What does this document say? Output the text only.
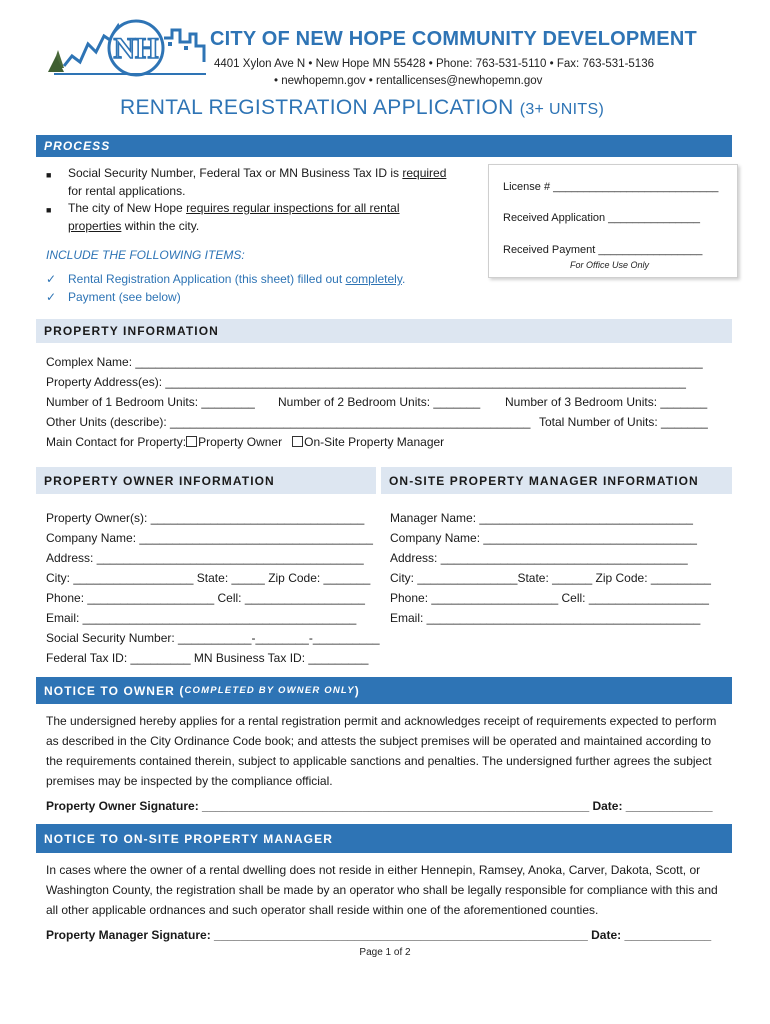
NH	CITY OF NEW HOPE COMMUNITY DEVELOPMENT
4401 Xylon Ave N • New Hope MN 55428 • Phone: 763-531-5110 • Fax: 763-531-5136
• newhopemn.gov • rentallicenses@newhopemn.gov
RENTAL REGISTRATION APPLICATION (3+ UNITS)
PROCESS
■	Social Security Number, Federal Tax or MN Business Tax ID is required
for rental applications.
■	The city of New Hope requires regular inspections for all rental
properties within the city.
INCLUDE THE FOLLOWING ITEMS:
✓ Rental Registration Application (this sheet) filled out completely.
✓ Payment (see below)
License # ___________________________
Received Application _______________
Received Payment _________________
For Office Use Only
PROPERTY INFORMATION
Complex Name: _____________________________________________________________________________________
Property Address(es): ______________________________________________________________________________
Number of 1 Bedroom Units: ________ Number of 2 Bedroom Units: _______ Number of 3 Bedroom Units: _______
Other Units (describe): ______________________________________________________ Total Number of Units: _______
Main Contact for Property: Property Owner On-Site Property Manager
PROPERTY OWNER INFORMATION	ON-SITE PROPERTY MANAGER INFORMATION
Property Owner(s): ________________________________
Company Name: ___________________________________
Address: ________________________________________
City: __________________ State: _____ Zip Code: _______
Phone: ___________________ Cell: __________________
Email: _________________________________________
Social Security Number: ___________-________-__________
Federal Tax ID: _________ MN Business Tax ID: _________
Manager Name: ________________________________
Company Name: ________________________________
Address: _____________________________________
City: _______________State: ______ Zip Code: _________
Phone: ___________________ Cell: __________________
Email: _________________________________________
NOTICE TO OWNER ( COMPLETED BY OWNER ONLY )
The undersigned hereby applies for a rental registration permit and acknowledges receipt of requirements expected to perform as described in the City Ordinance Code book; and attests the subject premises will be operated and maintained according to the requirements contained therein, subject to applicable sanctions and penalties. The undersigned further agrees the subject premises may be inspected by the compliance official.
Property Owner Signature: __________________________________________________________ Date: _____________
NOTICE TO ON-SITE PROPERTY MANAGER
In cases where the owner of a rental dwelling does not reside in either Hennepin, Ramsey, Anoka, Carver, Dakota, Scott, or Washington County, the registration shall be made by an operator who shall be legally responsible for compliance with this and all other applicable ordnances and such operator shall reside within one of the aforementioned counties.
Property Manager Signature: ________________________________________________________ Date: _____________
Page 1 of 2
